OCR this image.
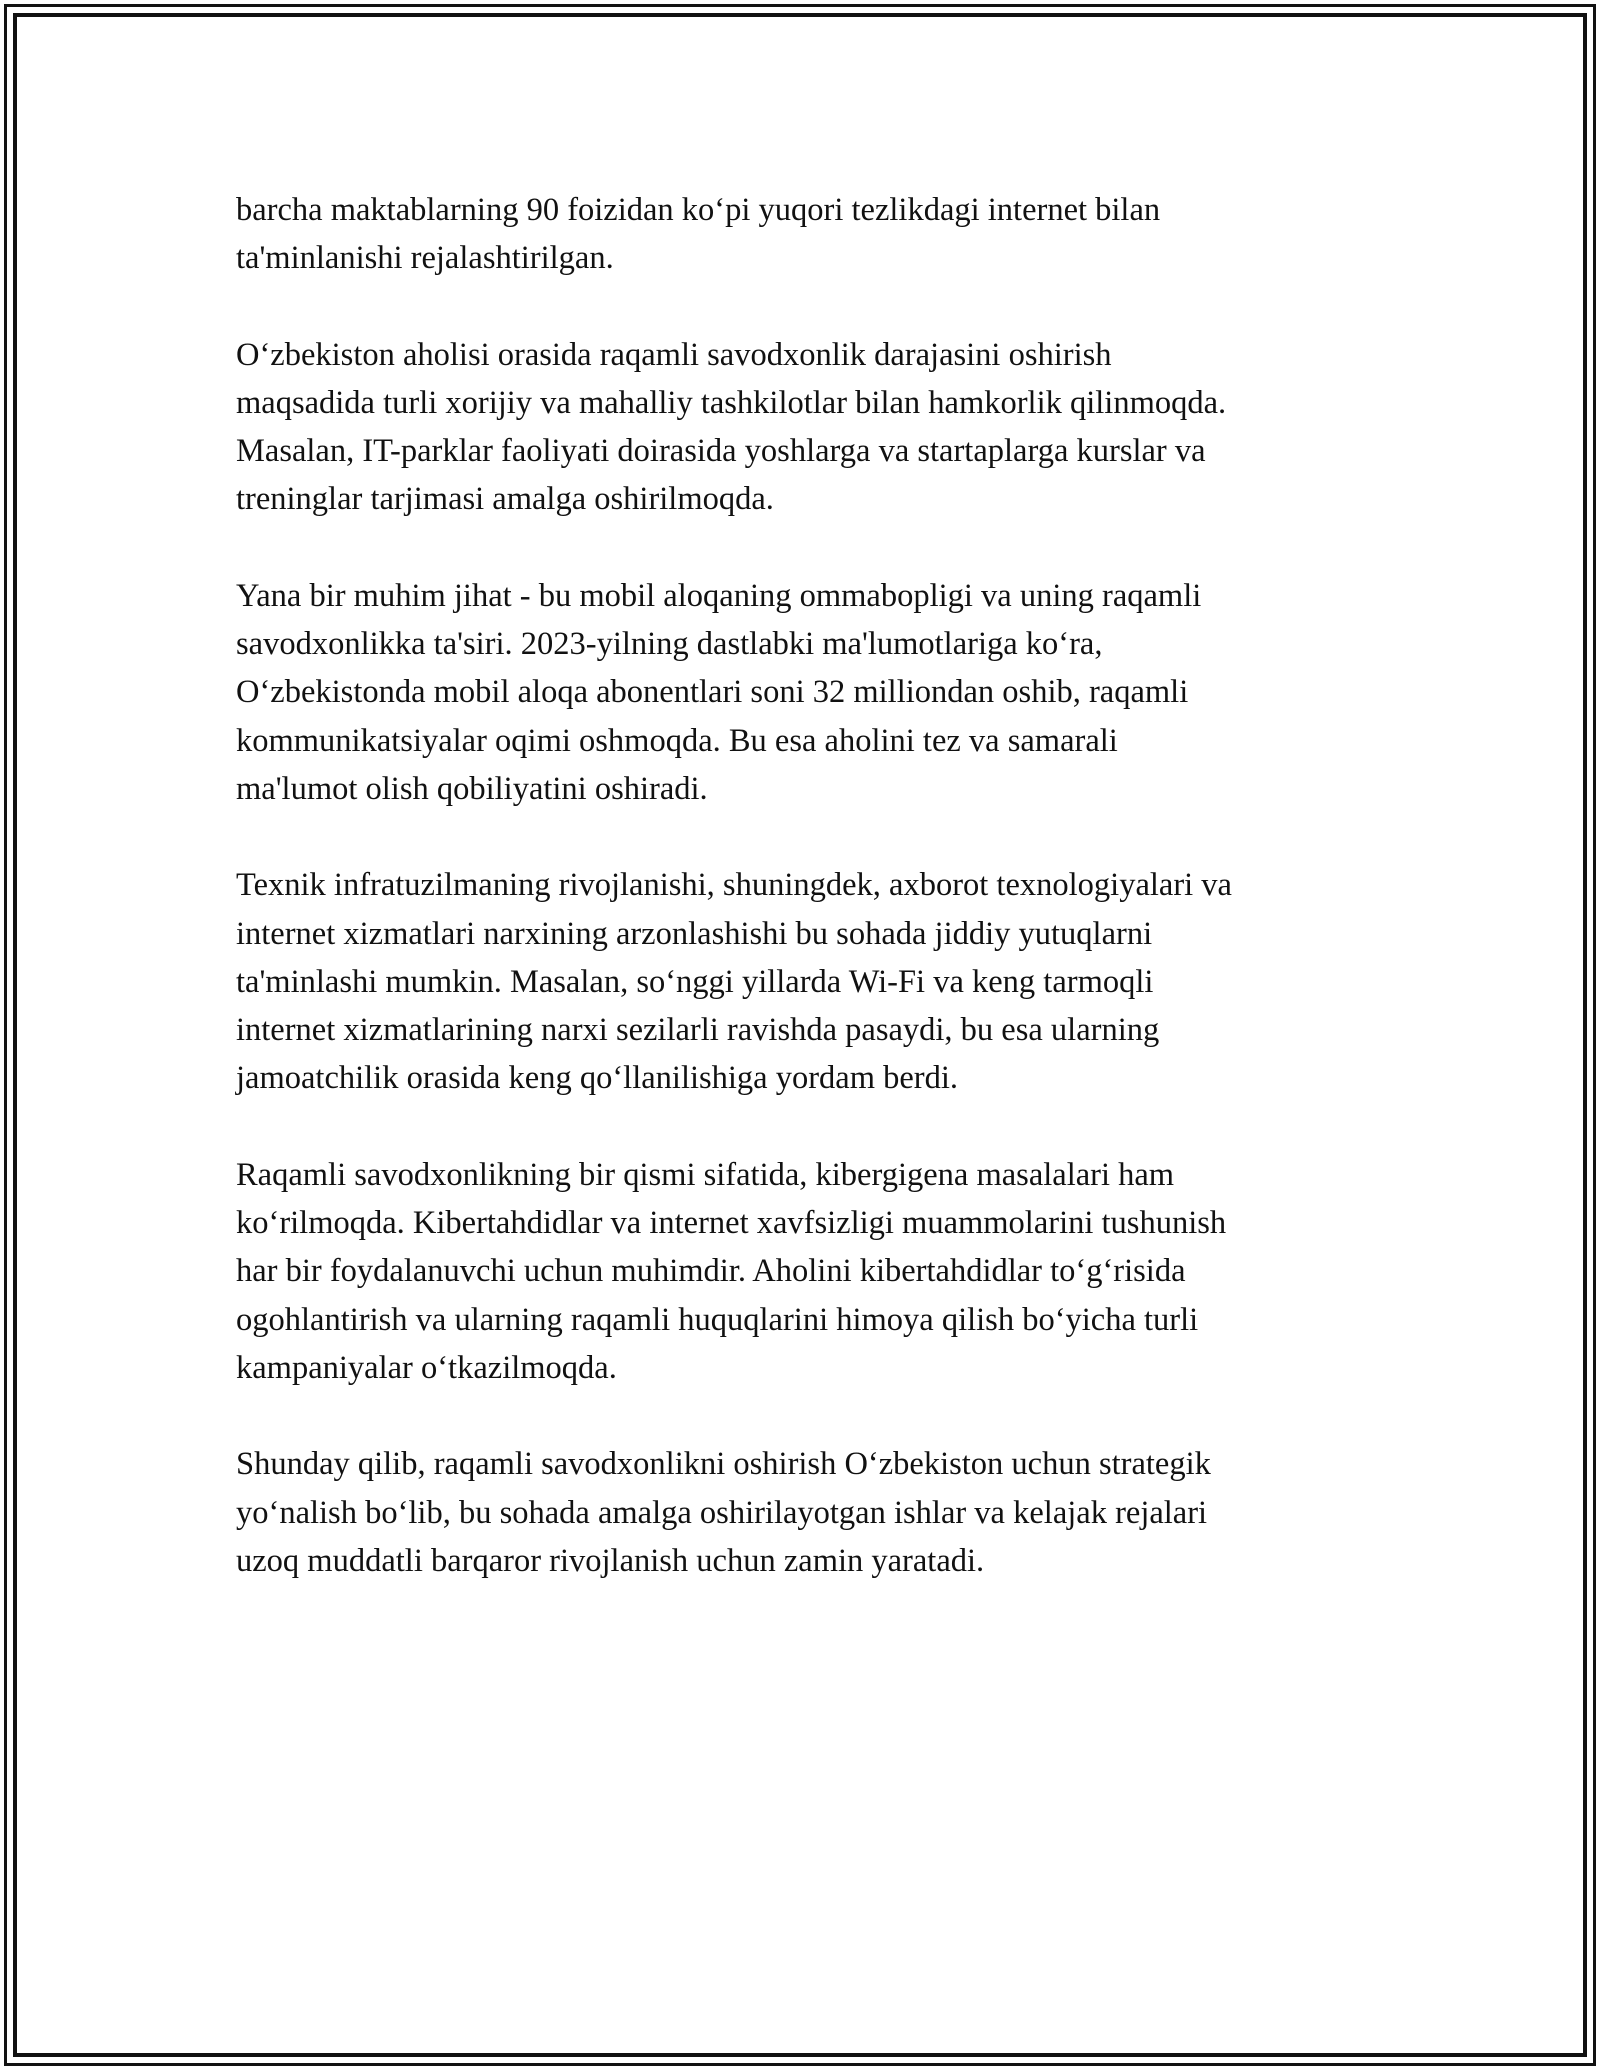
barcha maktablarning 90 foizidan ko‘pi yuqori tezlikdagi internet bilan
ta'minlanishi rejalashtirilgan.

O‘zbekiston aholisi orasida raqamli savodxonlik darajasini oshirish
maqsadida turli xorijiy va mahalliy tashkilotlar bilan hamkorlik qilinmoqda.
Masalan, IT-parklar faoliyati doirasida yoshlarga va startaplarga kurslar va
treninglar tarjimasi amalga oshirilmoqda.

Yana bir muhim jihat - bu mobil aloqaning ommabopligi va uning raqamli
savodxonlikka ta'siri. 2023-yilning dastlabki ma'lumotlariga ko‘ra,
O‘zbekistonda mobil aloqa abonentlari soni 32 milliondan oshib, raqamli
kommunikatsiyalar oqimi oshmoqda. Bu esa aholini tez va samarali
ma'lumot olish qobiliyatini oshiradi.

Texnik infratuzilmaning rivojlanishi, shuningdek, axborot texnologiyalari va
internet xizmatlari narxining arzonlashishi bu sohada jiddiy yutuqlarni
ta'minlashi mumkin. Masalan, so‘nggi yillarda Wi-Fi va keng tarmoqli
internet xizmatlarining narxi sezilarli ravishda pasaydi, bu esa ularning
jamoatchilik orasida keng qo‘llanilishiga yordam berdi.

Raqamli savodxonlikning bir qismi sifatida, kibergigena masalalari ham
ko‘rilmoqda. Kibertahdidlar va internet xavfsizligi muammolarini tushunish
har bir foydalanuvchi uchun muhimdir. Aholini kibertahdidlar to‘g‘risida
ogohlantirish va ularning raqamli huquqlarini himoya qilish bo‘yicha turli
kampaniyalar o‘tkazilmoqda.

Shunday qilib, raqamli savodxonlikni oshirish O‘zbekiston uchun strategik
yo‘nalish bo‘lib, bu sohada amalga oshirilayotgan ishlar va kelajak rejalari
uzoq muddatli barqaror rivojlanish uchun zamin yaratadi.
